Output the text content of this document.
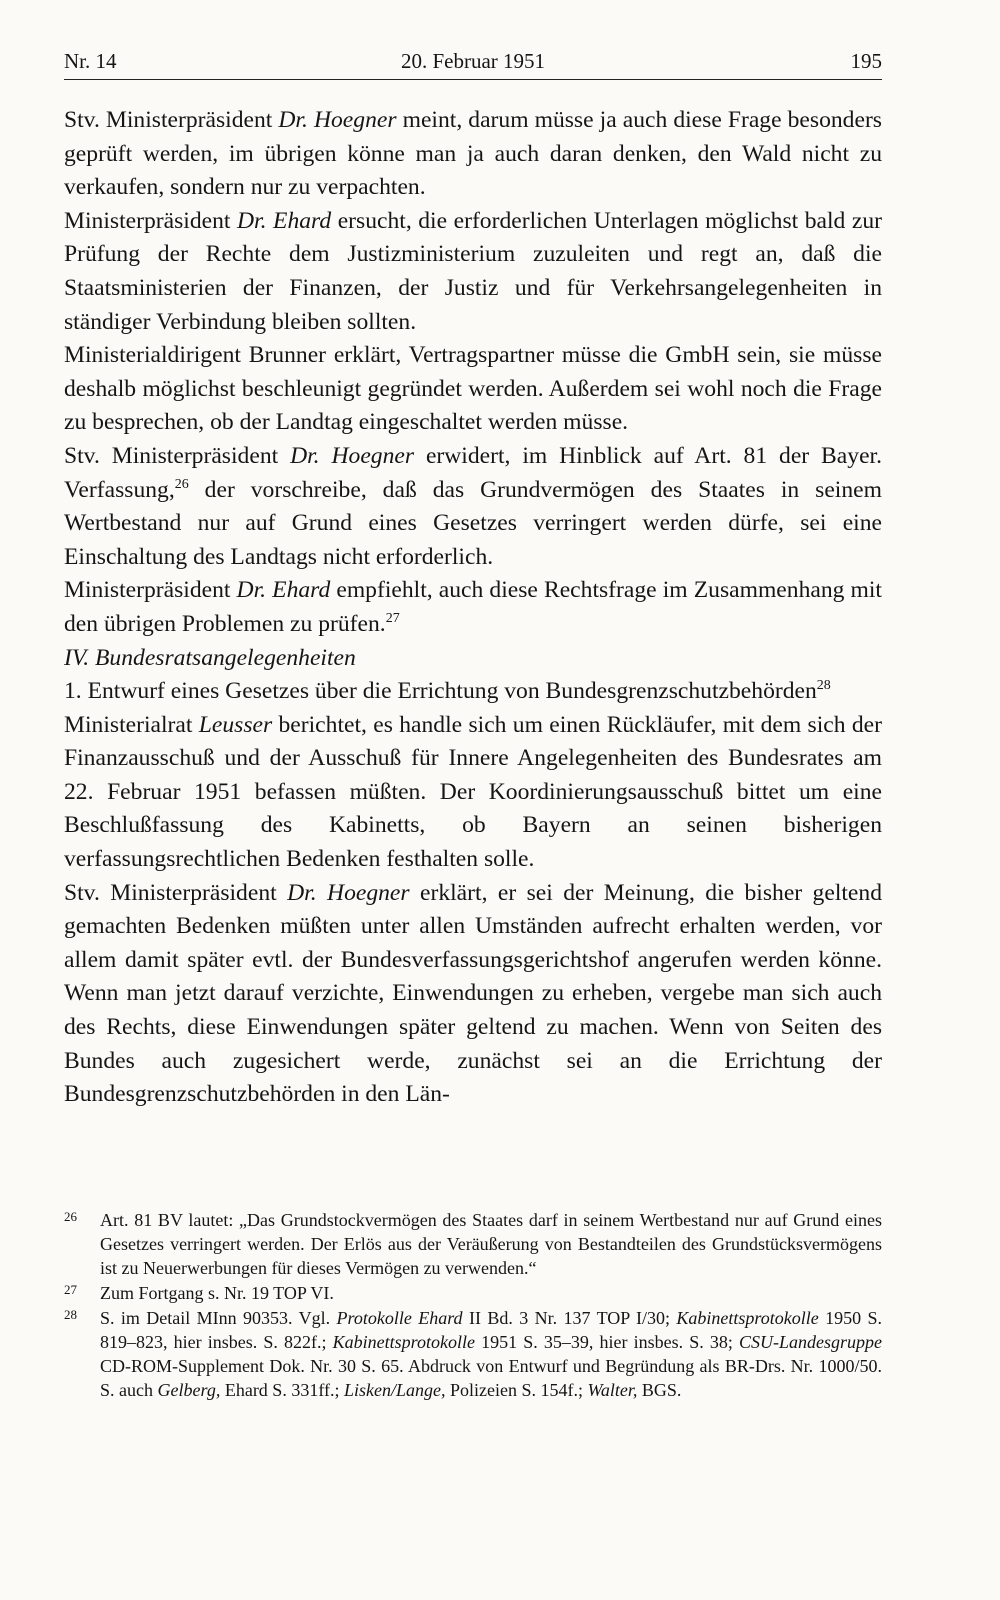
Nr. 14	20. Februar 1951	195

Stv. Ministerpräsident Dr. Hoegner meint, darum müsse ja auch diese Frage besonders geprüft werden, im übrigen könne man ja auch daran denken, den Wald nicht zu verkaufen, sondern nur zu verpachten.

Ministerpräsident Dr. Ehard ersucht, die erforderlichen Unterlagen möglichst bald zur Prüfung der Rechte dem Justizministerium zuzuleiten und regt an, daß die Staatsministerien der Finanzen, der Justiz und für Verkehrsangelegenheiten in ständiger Verbindung bleiben sollten.

Ministerialdirigent Brunner erklärt, Vertragspartner müsse die GmbH sein, sie müsse deshalb möglichst beschleunigt gegründet werden. Außerdem sei wohl noch die Frage zu besprechen, ob der Landtag eingeschaltet werden müsse.

Stv. Ministerpräsident Dr. Hoegner erwidert, im Hinblick auf Art. 81 der Bayer. Verfassung,$^{26}$ der vorschreibe, daß das Grundvermögen des Staates in seinem Wertbestand nur auf Grund eines Gesetzes verringert werden dürfe, sei eine Einschaltung des Landtags nicht erforderlich.

Ministerpräsident Dr. Ehard empfiehlt, auch diese Rechtsfrage im Zusammenhang mit den übrigen Problemen zu prüfen.$^{27}$

IV. Bundesratsangelegenheiten

1. Entwurf eines Gesetzes über die Errichtung von Bundesgrenzschutzbehörden$^{28}$

Ministerialrat Leusser berichtet, es handle sich um einen Rückläufer, mit dem sich der Finanzausschuß und der Ausschuß für Innere Angelegenheiten des Bundesrates am 22. Februar 1951 befassen müßten. Der Koordinierungsausschuß bittet um eine Beschlußfassung des Kabinetts, ob Bayern an seinen bisherigen verfassungsrechtlichen Bedenken festhalten solle.

Stv. Ministerpräsident Dr. Hoegner erklärt, er sei der Meinung, die bisher geltend gemachten Bedenken müßten unter allen Umständen aufrecht erhalten werden, vor allem damit später evtl. der Bundesverfassungsgerichtshof angerufen werden könne. Wenn man jetzt darauf verzichte, Einwendungen zu erheben, vergebe man sich auch des Rechts, diese Einwendungen später geltend zu machen. Wenn von Seiten des Bundes auch zugesichert werde, zunächst sei an die Errichtung der Bundesgrenzschutzbehörden in den Län-

26 Art. 81 BV lautet: „Das Grundstockvermögen des Staates darf in seinem Wertbestand nur auf Grund eines Gesetzes verringert werden. Der Erlös aus der Veräußerung von Bestandteilen des Grundstücksvermögens ist zu Neuerwerbungen für dieses Vermögen zu verwenden.“

27 Zum Fortgang s. Nr. 19 TOP VI.

28 S. im Detail MInn 90353. Vgl. Protokolle Ehard II Bd. 3 Nr. 137 TOP I/30; Kabinettsprotokolle 1950 S. 819–823, hier insbes. S. 822f.; Kabinettsprotokolle 1951 S. 35–39, hier insbes. S. 38; CSU-Landesgruppe CD-ROM-Supplement Dok. Nr. 30 S. 65. Abdruck von Entwurf und Begründung als BR-Drs. Nr. 1000/50. S. auch Gelberg, Ehard S. 331ff.; Lisken/Lange, Polizeien S. 154f.; Walter, BGS.
